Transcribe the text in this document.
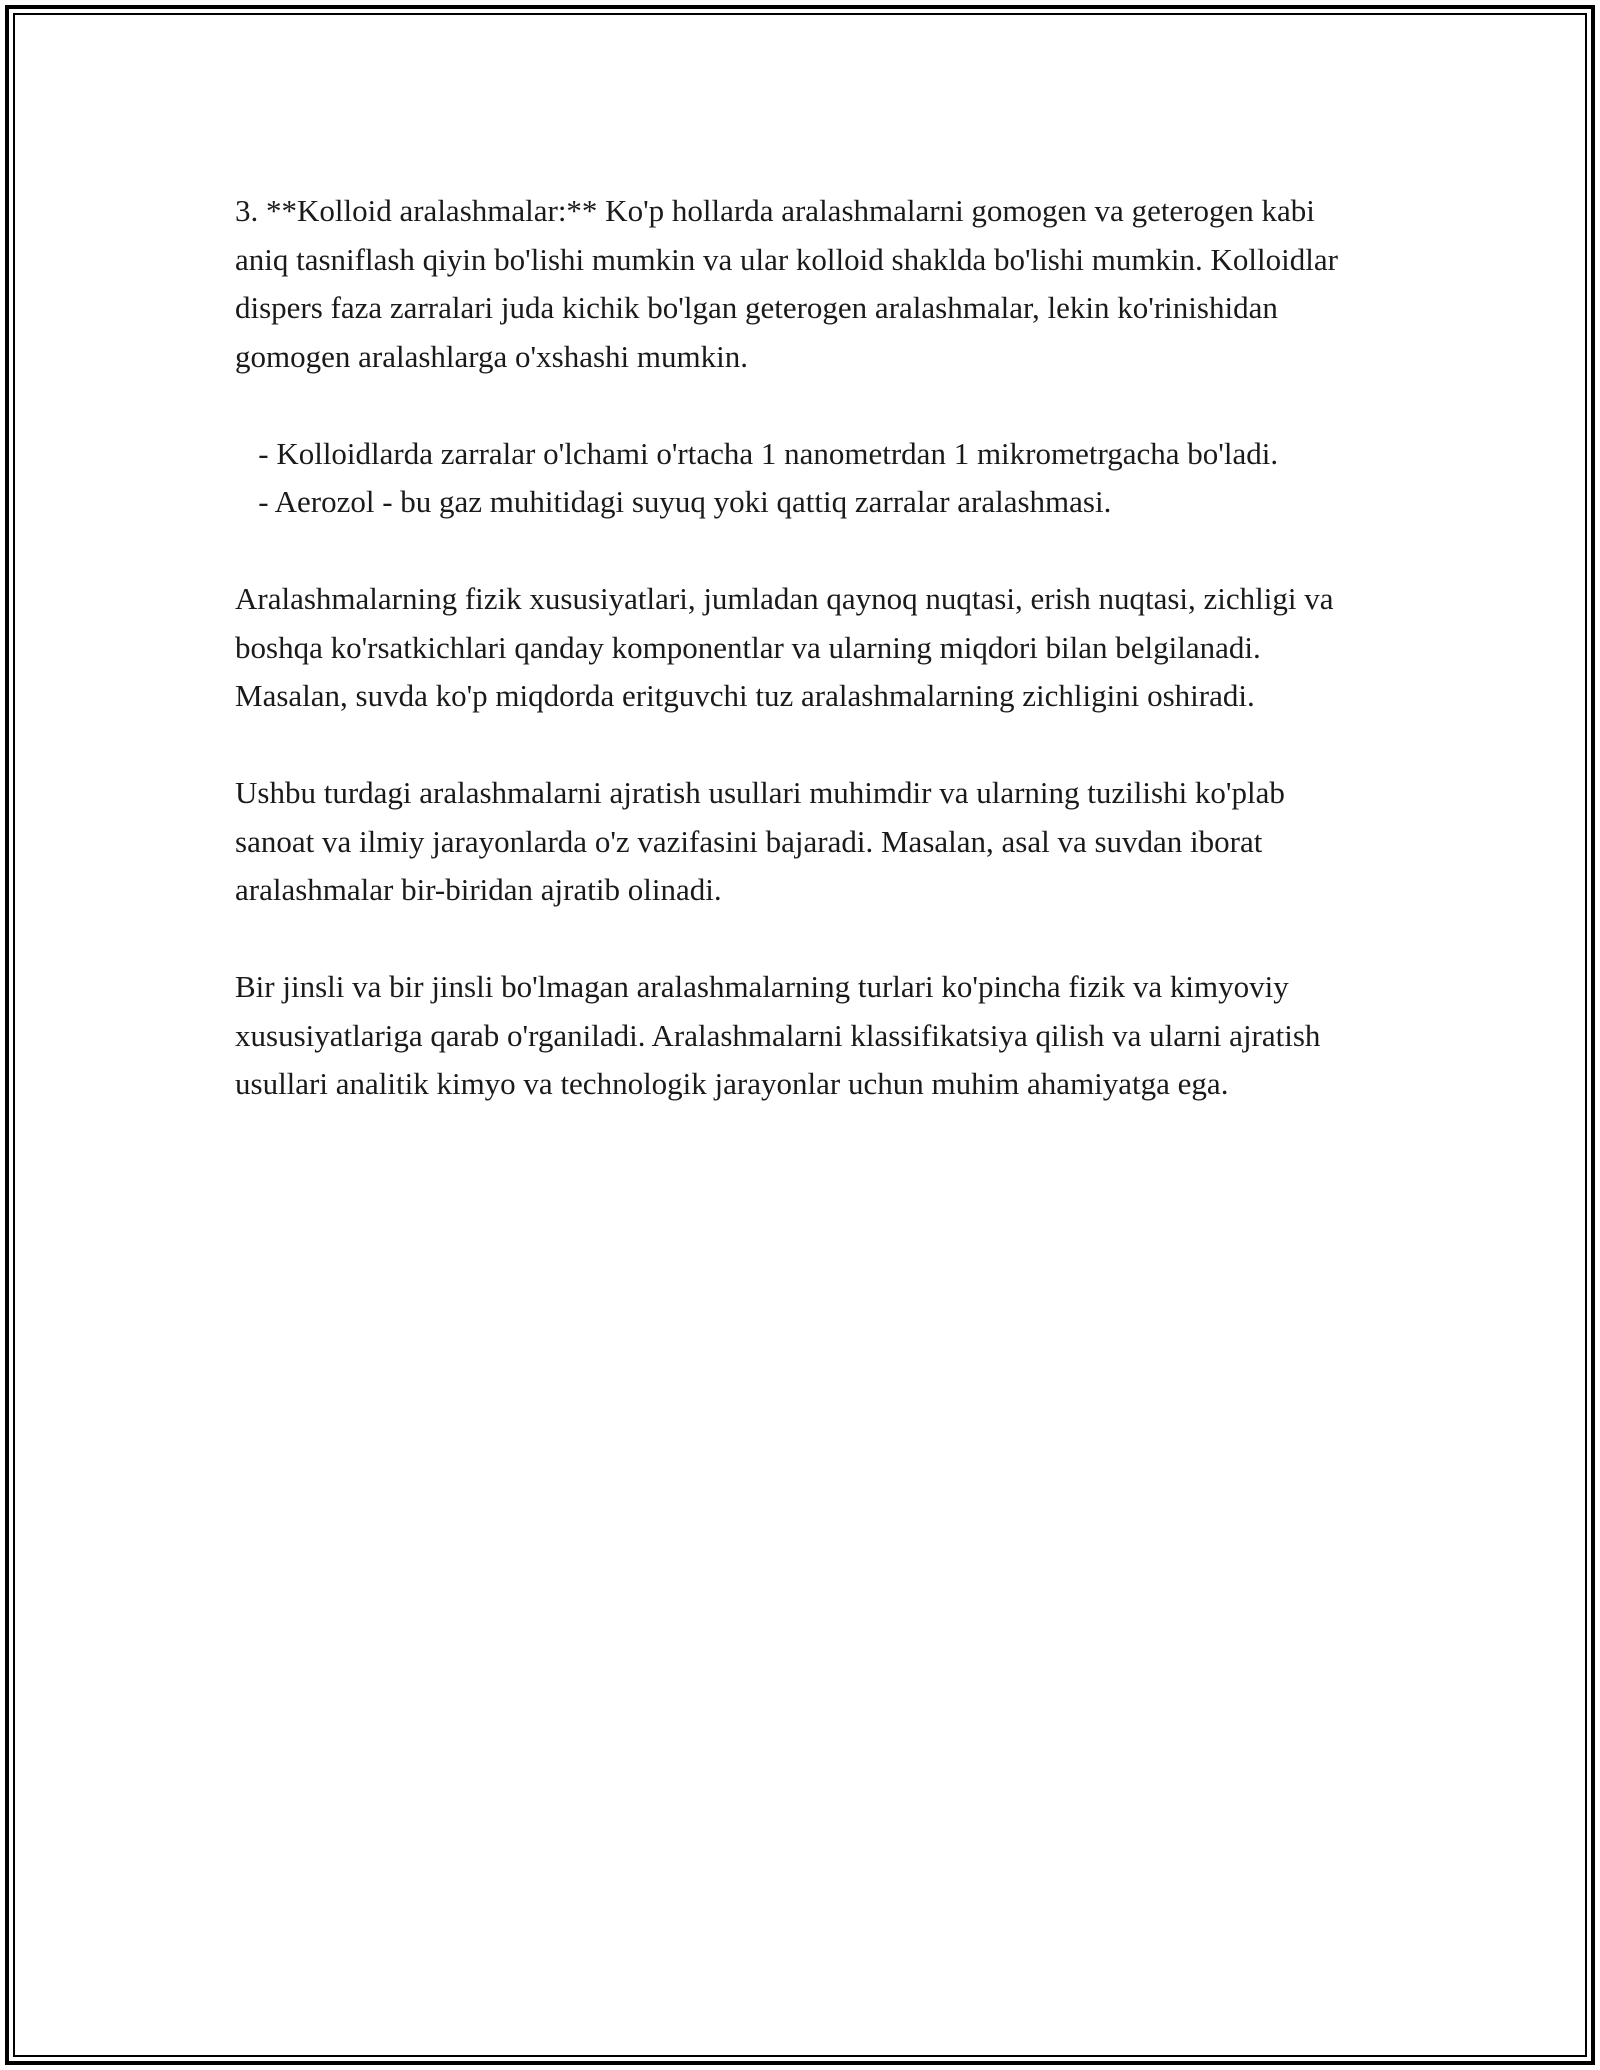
3. **Kolloid aralashmalar:** Ko'p hollarda aralashmalarni gomogen va geterogen kabi aniq tasniflash qiyin bo'lishi mumkin va ular kolloid shaklda bo'lishi mumkin. Kolloidlar dispers faza zarralari juda kichik bo'lgan geterogen aralashmalar, lekin ko'rinishidan gomogen aralashlarga o'xshashi mumkin.
- Kolloidlarda zarralar o'lchami o'rtacha 1 nanometrdan 1 mikrometrgacha bo'ladi.
- Aerozol - bu gaz muhitidagi suyuq yoki qattiq zarralar aralashmasi.
Aralashmalarning fizik xususiyatlari, jumladan qaynoq nuqtasi, erish nuqtasi, zichligi va boshqa ko'rsatkichlari qanday komponentlar va ularning miqdori bilan belgilanadi. Masalan, suvda ko'p miqdorda eritguvchi tuz aralashmalarning zichligini oshiradi.
Ushbu turdagi aralashmalarni ajratish usullari muhimdir va ularning tuzilishi ko'plab sanoat va ilmiy jarayonlarda o'z vazifasini bajaradi. Masalan, asal va suvdan iborat aralashmalar bir-biridan ajratib olinadi.
Bir jinsli va bir jinsli bo'lmagan aralashmalarning turlari ko'pincha fizik va kimyoviy xususiyatlariga qarab o'rganiladi. Aralashmalarni klassifikatsiya qilish va ularni ajratish usullari analitik kimyo va technologik jarayonlar uchun muhim ahamiyatga ega.
